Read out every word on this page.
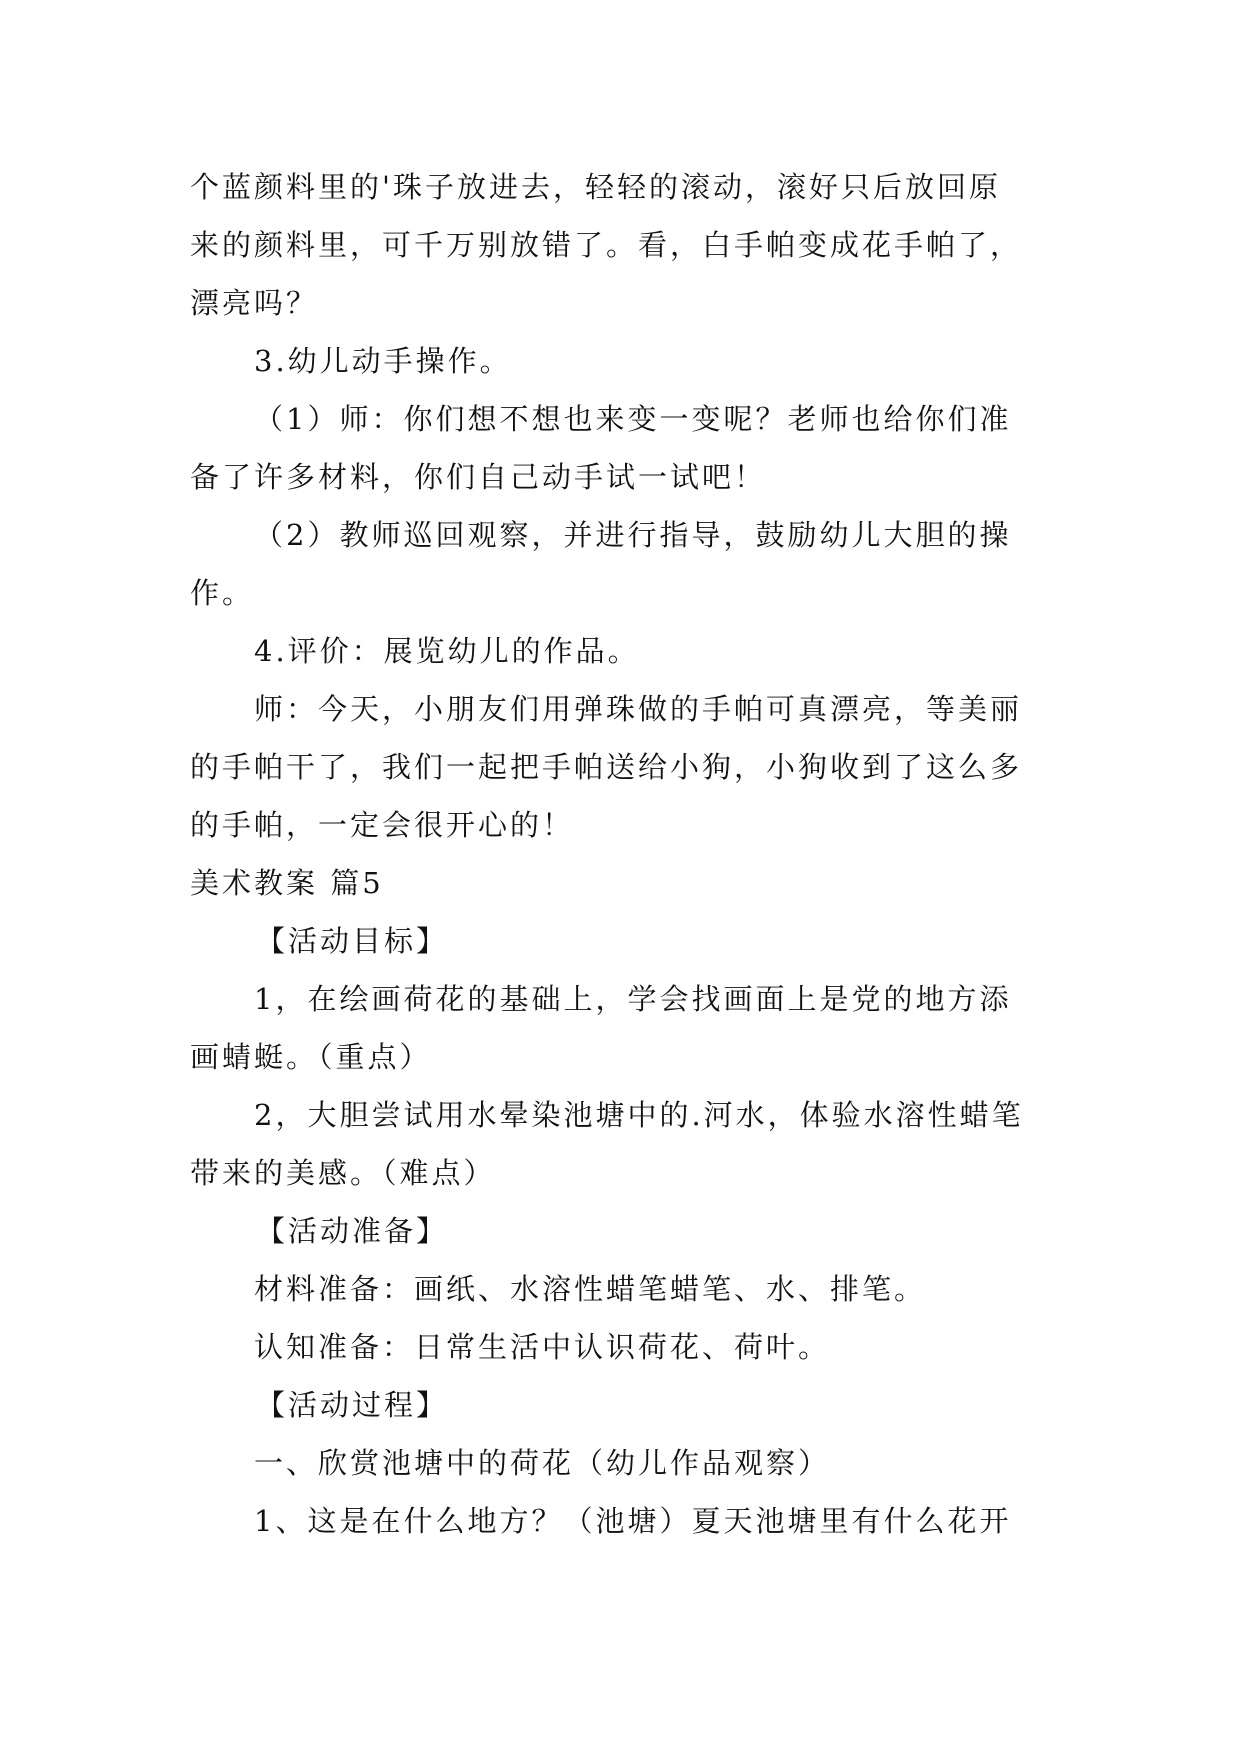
个蓝颜料里的'珠子放进去，轻轻的滚动，滚好只后放回原
来的颜料里，可千万别放错了。看，白手帕变成花手帕了，
漂亮吗？
3.幼儿动手操作。
（1）师：你们想不想也来变一变呢？老师也给你们准
备了许多材料，你们自己动手试一试吧！
（2）教师巡回观察，并进行指导，鼓励幼儿大胆的操
作。
4.评价：展览幼儿的作品。
师：今天，小朋友们用弹珠做的手帕可真漂亮，等美丽
的手帕干了，我们一起把手帕送给小狗，小狗收到了这么多
的手帕，一定会很开心的！
美术教案 篇5
【活动目标】
1，在绘画荷花的基础上，学会找画面上是党的地方添
画蜻蜓。（重点）
2，大胆尝试用水晕染池塘中的.河水，体验水溶性蜡笔
带来的美感。（难点）
【活动准备】
材料准备：画纸、水溶性蜡笔蜡笔、水、排笔。
认知准备：日常生活中认识荷花、荷叶。
【活动过程】
一、欣赏池塘中的荷花（幼儿作品观察）
1、这是在什么地方？（池塘）夏天池塘里有什么花开
